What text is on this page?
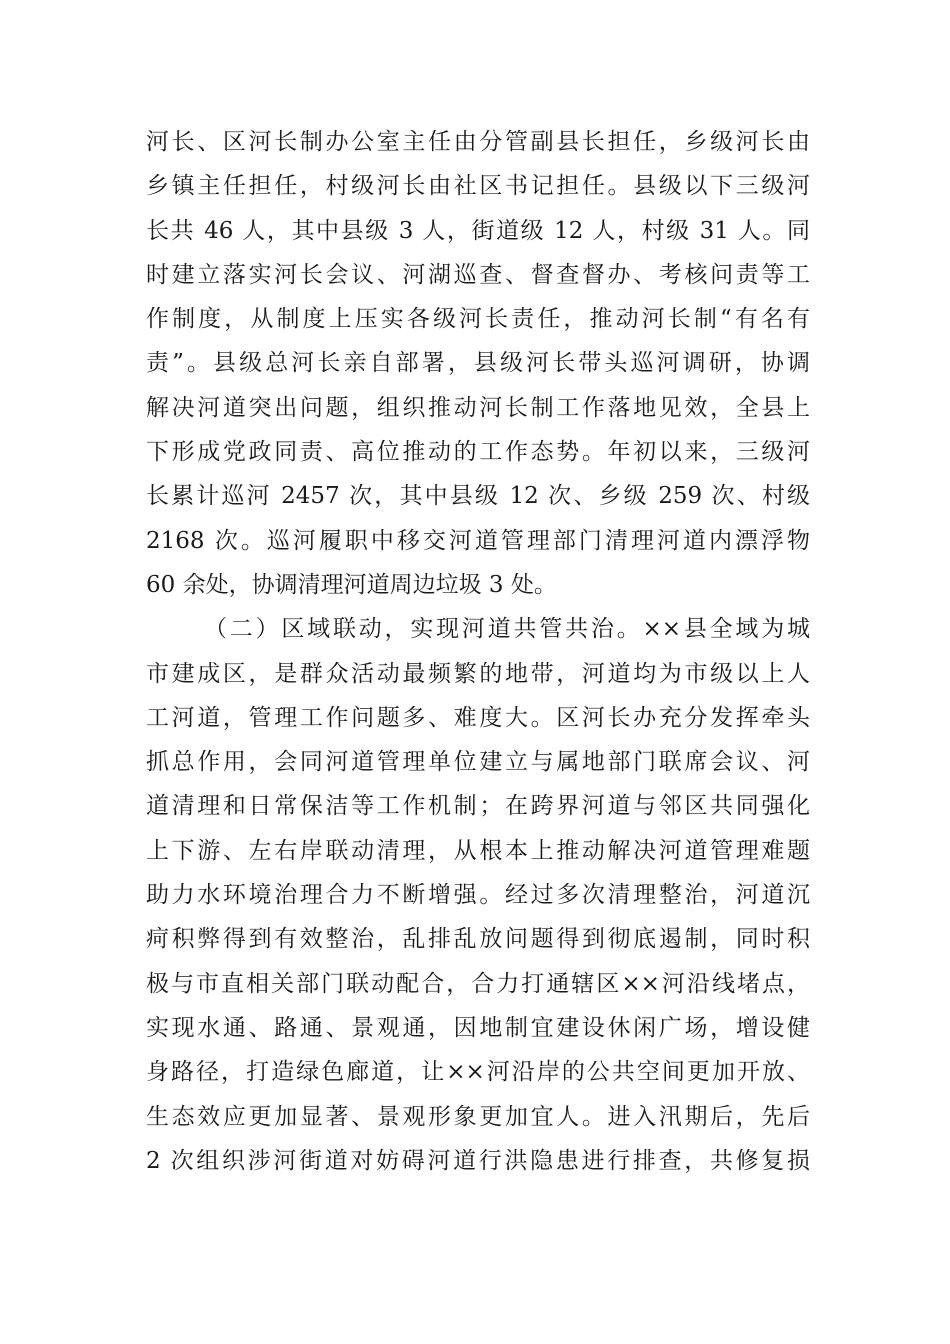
河长、区河长制办公室主任由分管副县长担任，乡级河长由
乡镇主任担任，村级河长由社区书记担任。县级以下三级河
长共 46 人，其中县级 3 人，街道级 12 人，村级 31 人。同
时建立落实河长会议、河湖巡查、督查督办、考核问责等工
作制度，从制度上压实各级河长责任，推动河长制“有名有
责”。县级总河长亲自部署，县级河长带头巡河调研，协调
解决河道突出问题，组织推动河长制工作落地见效，全县上
下形成党政同责、高位推动的工作态势。年初以来，三级河
长累计巡河 2457 次，其中县级 12 次、乡级 259 次、村级
2168 次。巡河履职中移交河道管理部门清理河道内漂浮物
60 余处，协调清理河道周边垃圾 3 处。
（二）区域联动，实现河道共管共治。××县全域为城
市建成区，是群众活动最频繁的地带，河道均为市级以上人
工河道，管理工作问题多、难度大。区河长办充分发挥牵头
抓总作用，会同河道管理单位建立与属地部门联席会议、河
道清理和日常保洁等工作机制；在跨界河道与邻区共同强化
上下游、左右岸联动清理，从根本上推动解决河道管理难题
助力水环境治理合力不断增强。经过多次清理整治，河道沉
疴积弊得到有效整治，乱排乱放问题得到彻底遏制，同时积
极与市直相关部门联动配合，合力打通辖区××河沿线堵点，
实现水通、路通、景观通，因地制宜建设休闲广场，增设健
身路径，打造绿色廊道，让××河沿岸的公共空间更加开放、
生态效应更加显著、景观形象更加宜人。进入汛期后，先后
2 次组织涉河街道对妨碍河道行洪隐患进行排查，共修复损
